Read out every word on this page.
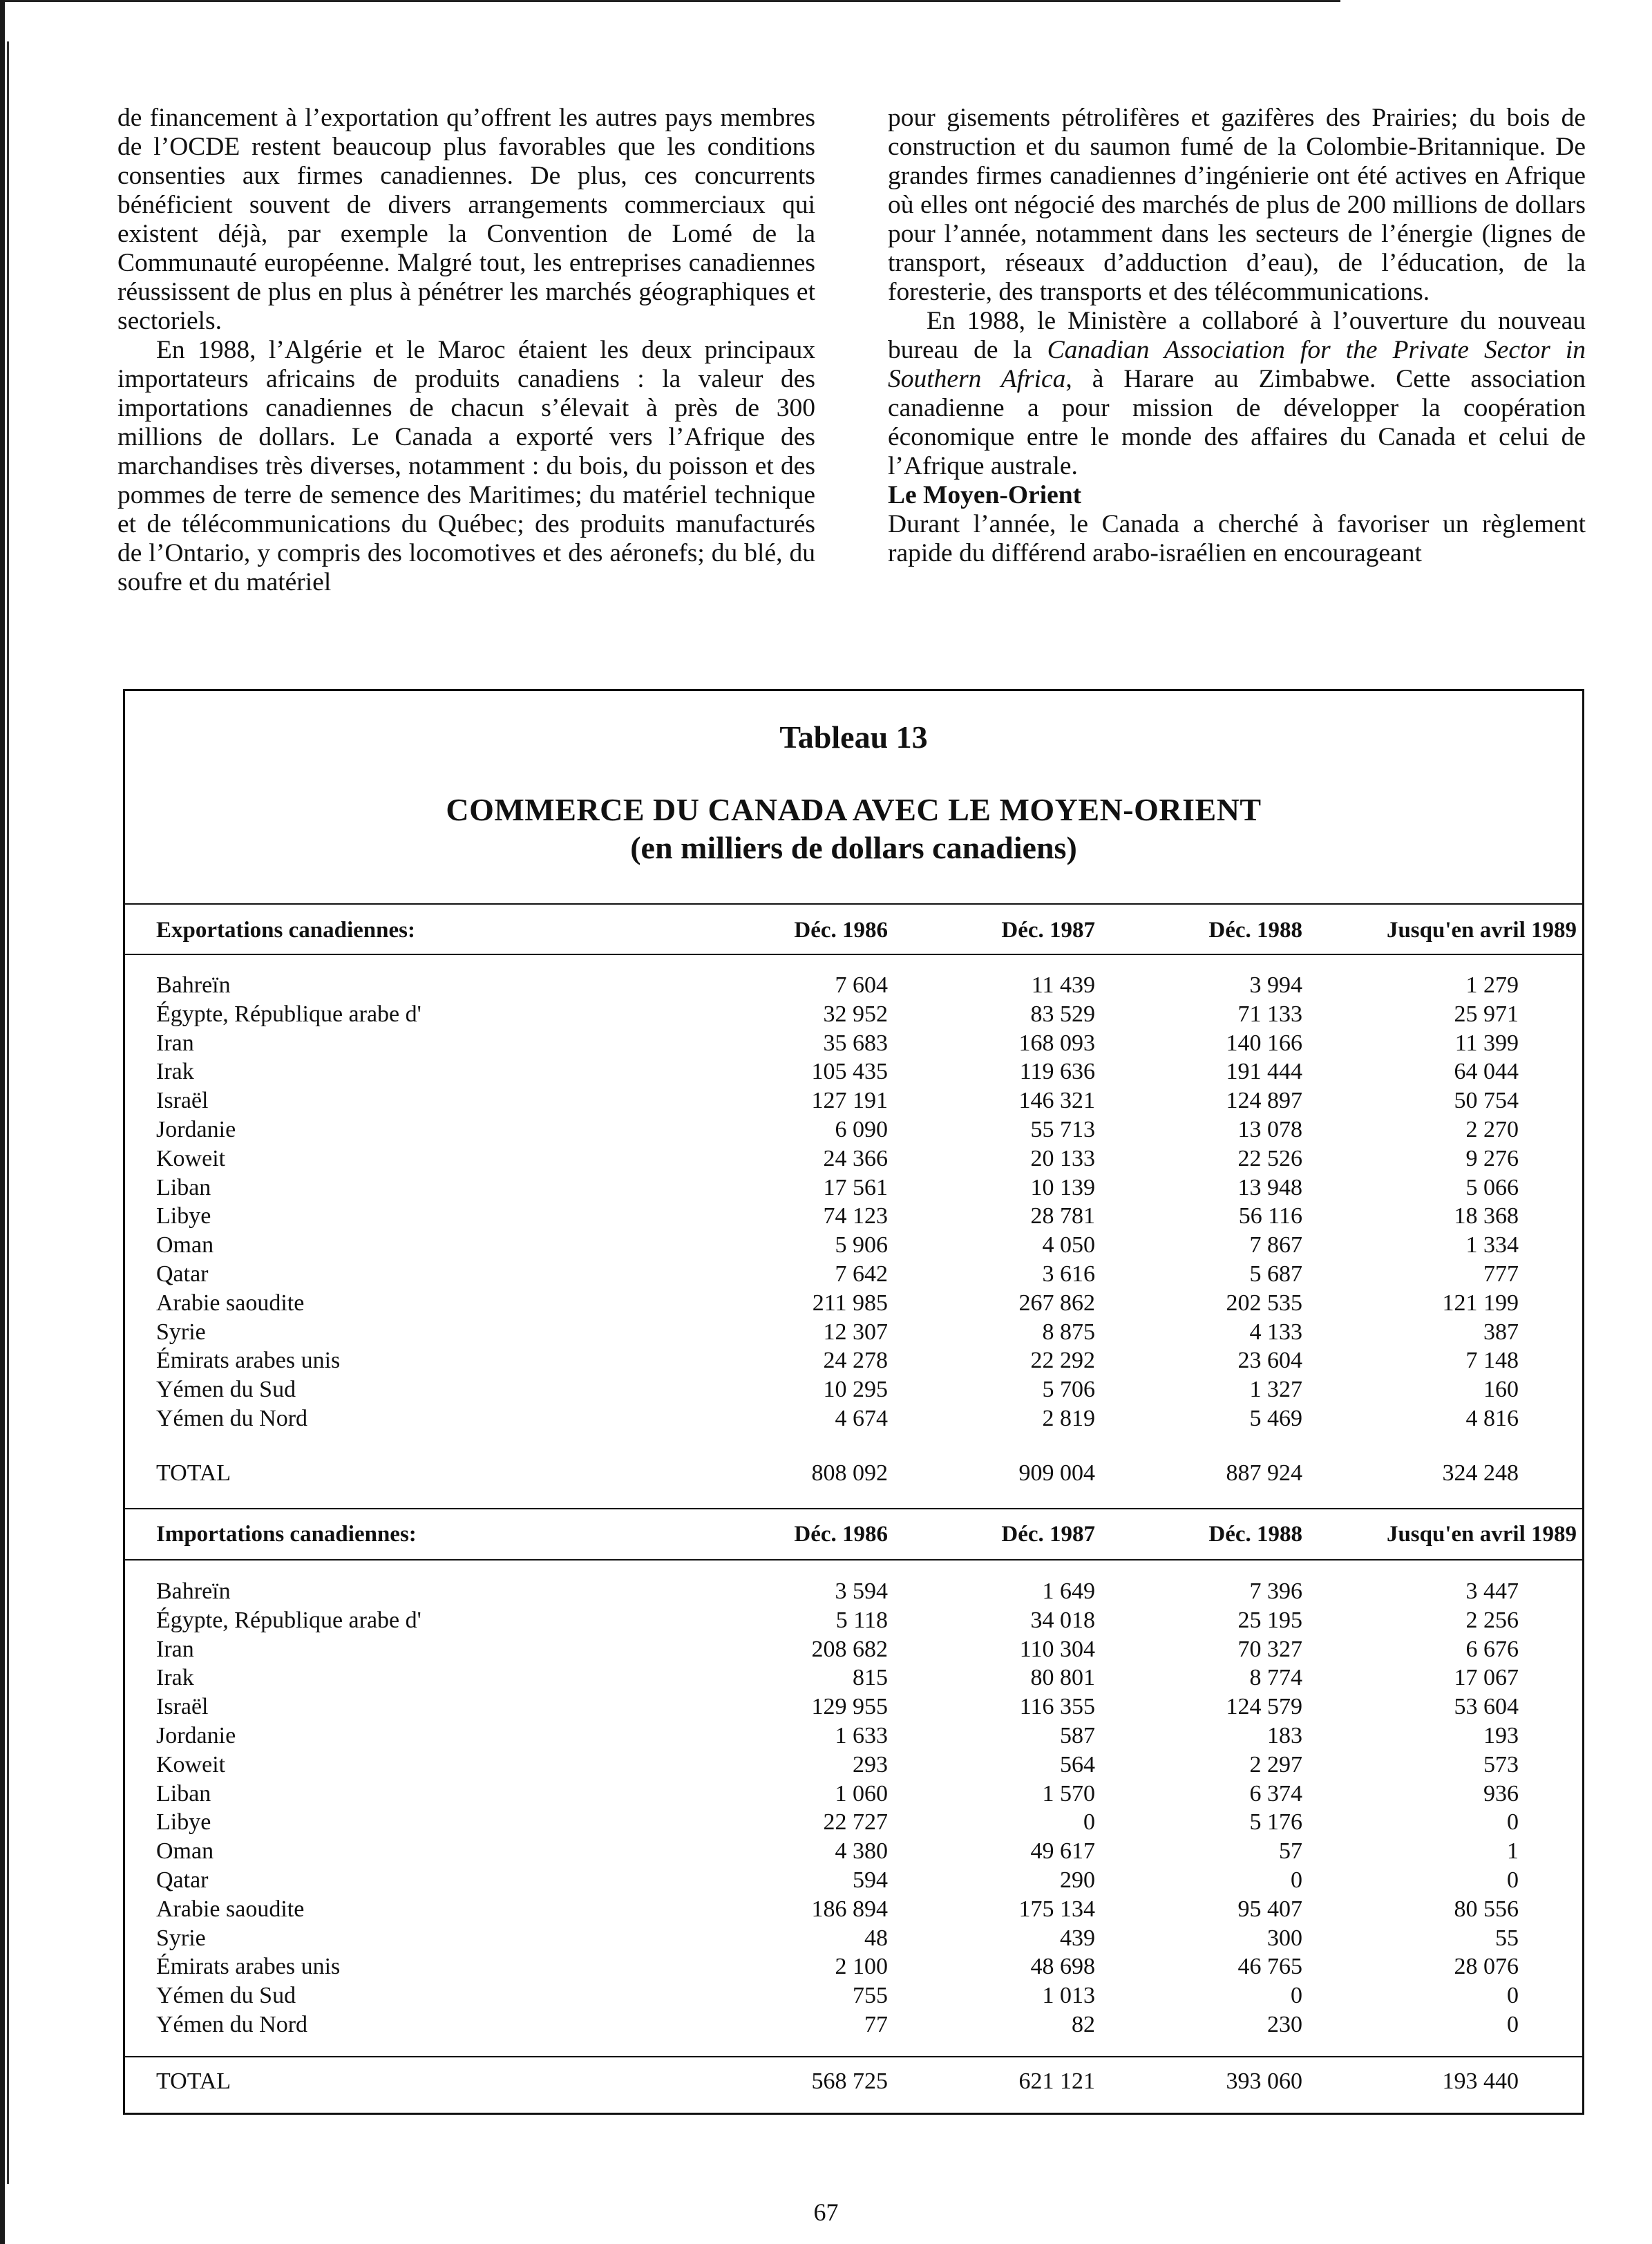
de financement à l’exportation qu’offrent les autres pays membres de l’OCDE restent beaucoup plus favorables que les conditions consenties aux firmes canadiennes. De plus, ces concurrents bénéficient souvent de divers arrangements commerciaux qui existent déjà, par exemple la Convention de Lomé de la Communauté européenne. Malgré tout, les entreprises canadiennes réussissent de plus en plus à pénétrer les marchés géographiques et sectoriels.

En 1988, l’Algérie et le Maroc étaient les deux principaux importateurs africains de produits canadiens : la valeur des importations canadiennes de chacun s’élevait à près de 300 millions de dollars. Le Canada a exporté vers l’Afrique des marchandises très diverses, notamment : du bois, du poisson et des pommes de terre de semence des Maritimes; du matériel technique et de télécommunications du Québec; des produits manufacturés de l’Ontario, y compris des locomotives et des aéronefs; du blé, du soufre et du matériel

pour gisements pétrolifères et gazifères des Prairies; du bois de construction et du saumon fumé de la Colombie-Britannique. De grandes firmes canadiennes d’ingénierie ont été actives en Afrique où elles ont négocié des marchés de plus de 200 millions de dollars pour l’année, notamment dans les secteurs de l’énergie (lignes de transport, réseaux d’adduction d’eau), de l’éducation, de la foresterie, des transports et des télécommunications.

En 1988, le Ministère a collaboré à l’ouverture du nouveau bureau de la Canadian Association for the Private Sector in Southern Africa, à Harare au Zimbabwe. Cette association canadienne a pour mission de développer la coopération économique entre le monde des affaires du Canada et celui de l’Afrique australe.

Le Moyen-Orient

Durant l’année, le Canada a cherché à favoriser un règlement rapide du différend arabo-israélien en encourageant

Tableau 13
COMMERCE DU CANADA AVEC LE MOYEN-ORIENT
(en milliers de dollars canadiens)
Exportations canadiennes:	Déc. 1986	Déc. 1987	Déc. 1988	Jusqu'en avril 1989
Bahreïn	7 604	11 439	3 994	1 279
Égypte, République arabe d'	32 952	83 529	71 133	25 971
Iran	35 683	168 093	140 166	11 399
Irak	105 435	119 636	191 444	64 044
Israël	127 191	146 321	124 897	50 754
Jordanie	6 090	55 713	13 078	2 270
Koweit	24 366	20 133	22 526	9 276
Liban	17 561	10 139	13 948	5 066
Libye	74 123	28 781	56 116	18 368
Oman	5 906	4 050	7 867	1 334
Qatar	7 642	3 616	5 687	777
Arabie saoudite	211 985	267 862	202 535	121 199
Syrie	12 307	8 875	4 133	387
Émirats arabes unis	24 278	22 292	23 604	7 148
Yémen du Sud	10 295	5 706	1 327	160
Yémen du Nord	4 674	2 819	5 469	4 816
TOTAL	808 092	909 004	887 924	324 248
Importations canadiennes:	Déc. 1986	Déc. 1987	Déc. 1988	Jusqu'en avril 1989
Bahreïn	3 594	1 649	7 396	3 447
Égypte, République arabe d'	5 118	34 018	25 195	2 256
Iran	208 682	110 304	70 327	6 676
Irak	815	80 801	8 774	17 067
Israël	129 955	116 355	124 579	53 604
Jordanie	1 633	587	183	193
Koweit	293	564	2 297	573
Liban	1 060	1 570	6 374	936
Libye	22 727	0	5 176	0
Oman	4 380	49 617	57	1
Qatar	594	290	0	0
Arabie saoudite	186 894	175 134	95 407	80 556
Syrie	48	439	300	55
Émirats arabes unis	2 100	48 698	46 765	28 076
Yémen du Sud	755	1 013	0	0
Yémen du Nord	77	82	230	0
TOTAL	568 725	621 121	393 060	193 440
67
